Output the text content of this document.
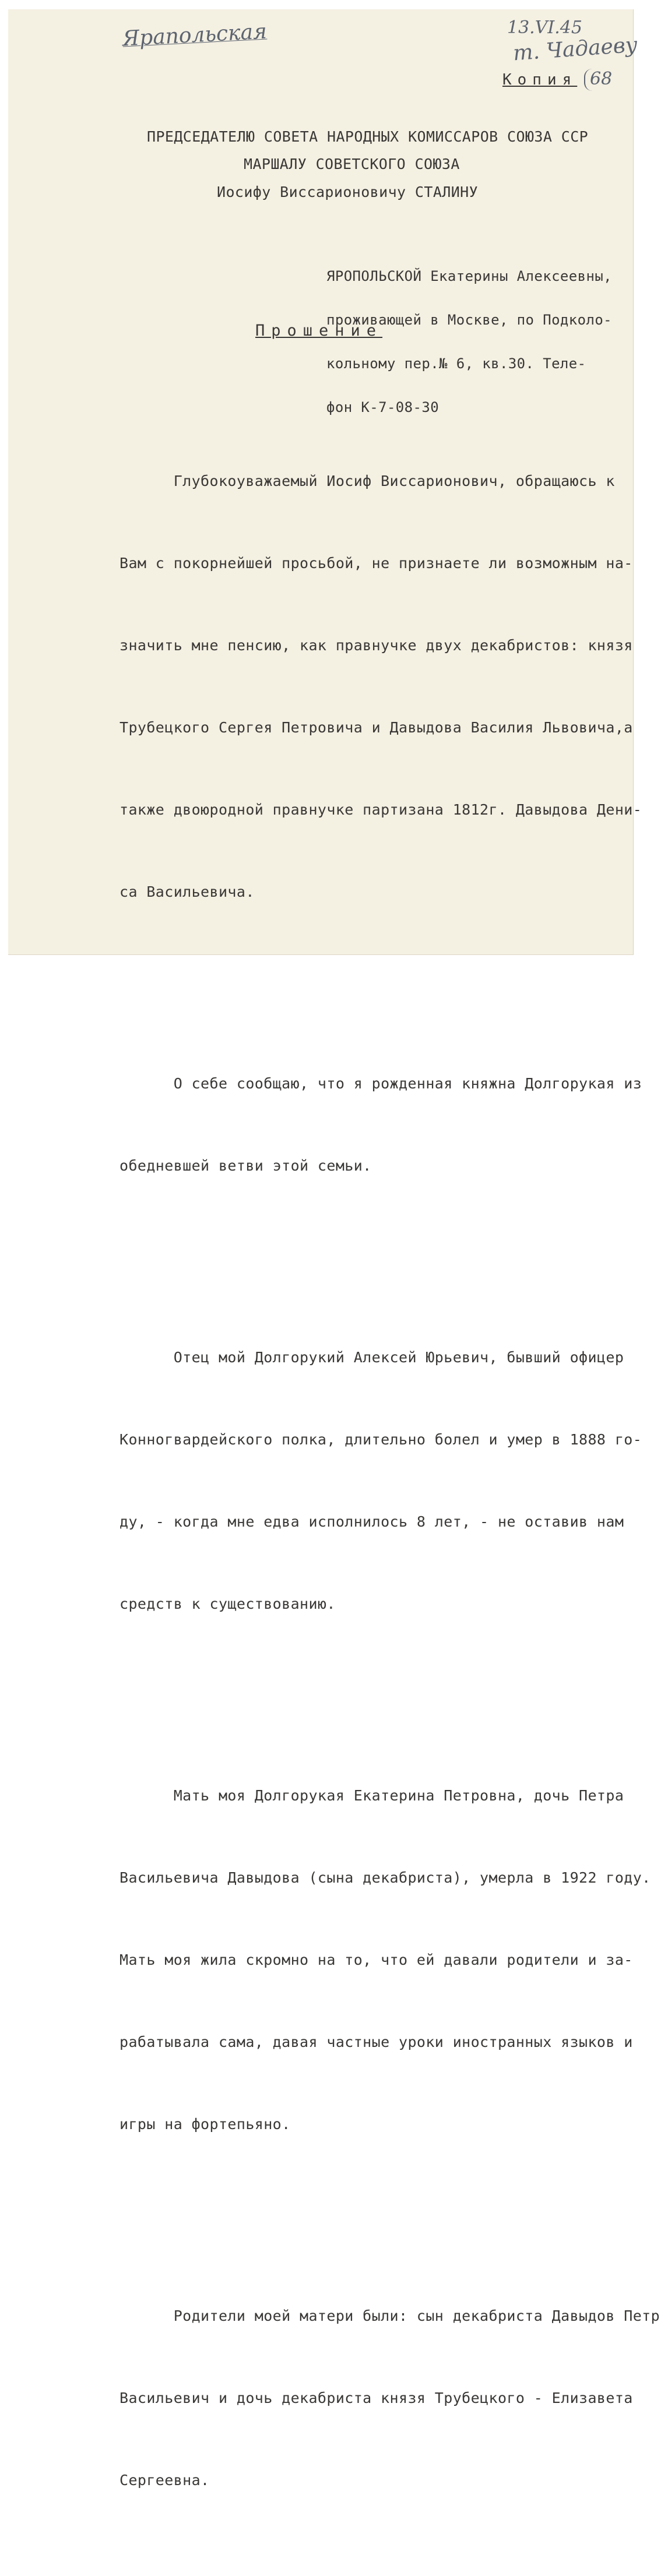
Ярапольская	13.VI.45
т. Чадаеву
68
Копия
ПРЕДСЕДАТЕЛЮ СОВЕТА НАРОДНЫХ КОМИССАРОВ СОЮЗА ССР
МАРШАЛУ СОВЕТСКОГО СОЮЗА
Иосифу Виссарионовичу СТАЛИНУ

ЯРОПОЛЬСКОЙ Екатерины Алексеевны,

проживающей в Москве, по Подколо-

кольному пер.№ 6, кв.30. Теле-

фон К-7-08-30

Прошение

Глубокоуважаемый Иосиф Виссарионович, обращаюсь к

Вам с покорнейшей просьбой, не признаете ли возможным на-

значить мне пенсию, как правнучке двух декабристов: князя

Трубецкого Сергея Петровича и Давыдова Василия Львовича,а

также двоюродной правнучке партизана 1812г. Давыдова Дени-

са Васильевича.

О себе сообщаю, что я рожденная княжна Долгорукая из

обедневшей ветви этой семьи.

Отец мой Долгорукий Алексей Юрьевич, бывший офицер

Конногвардейского полка, длительно болел и умер в 1888 го-

ду, - когда мне едва исполнилось 8 лет, - не оставив нам

средств к существованию.

Мать моя Долгорукая Екатерина Петровна, дочь Петра

Васильевича Давыдова (сына декабриста), умерла в 1922 году.

Мать моя жила скромно на то, что ей давали родители и за-

рабатывала сама, давая частные уроки иностранных языков и

игры на фортепьяно.

Родители моей матери были: сын декабриста Давыдов Петр

Васильевич и дочь декабриста князя Трубецкого - Елизавета

Сергеевна.
